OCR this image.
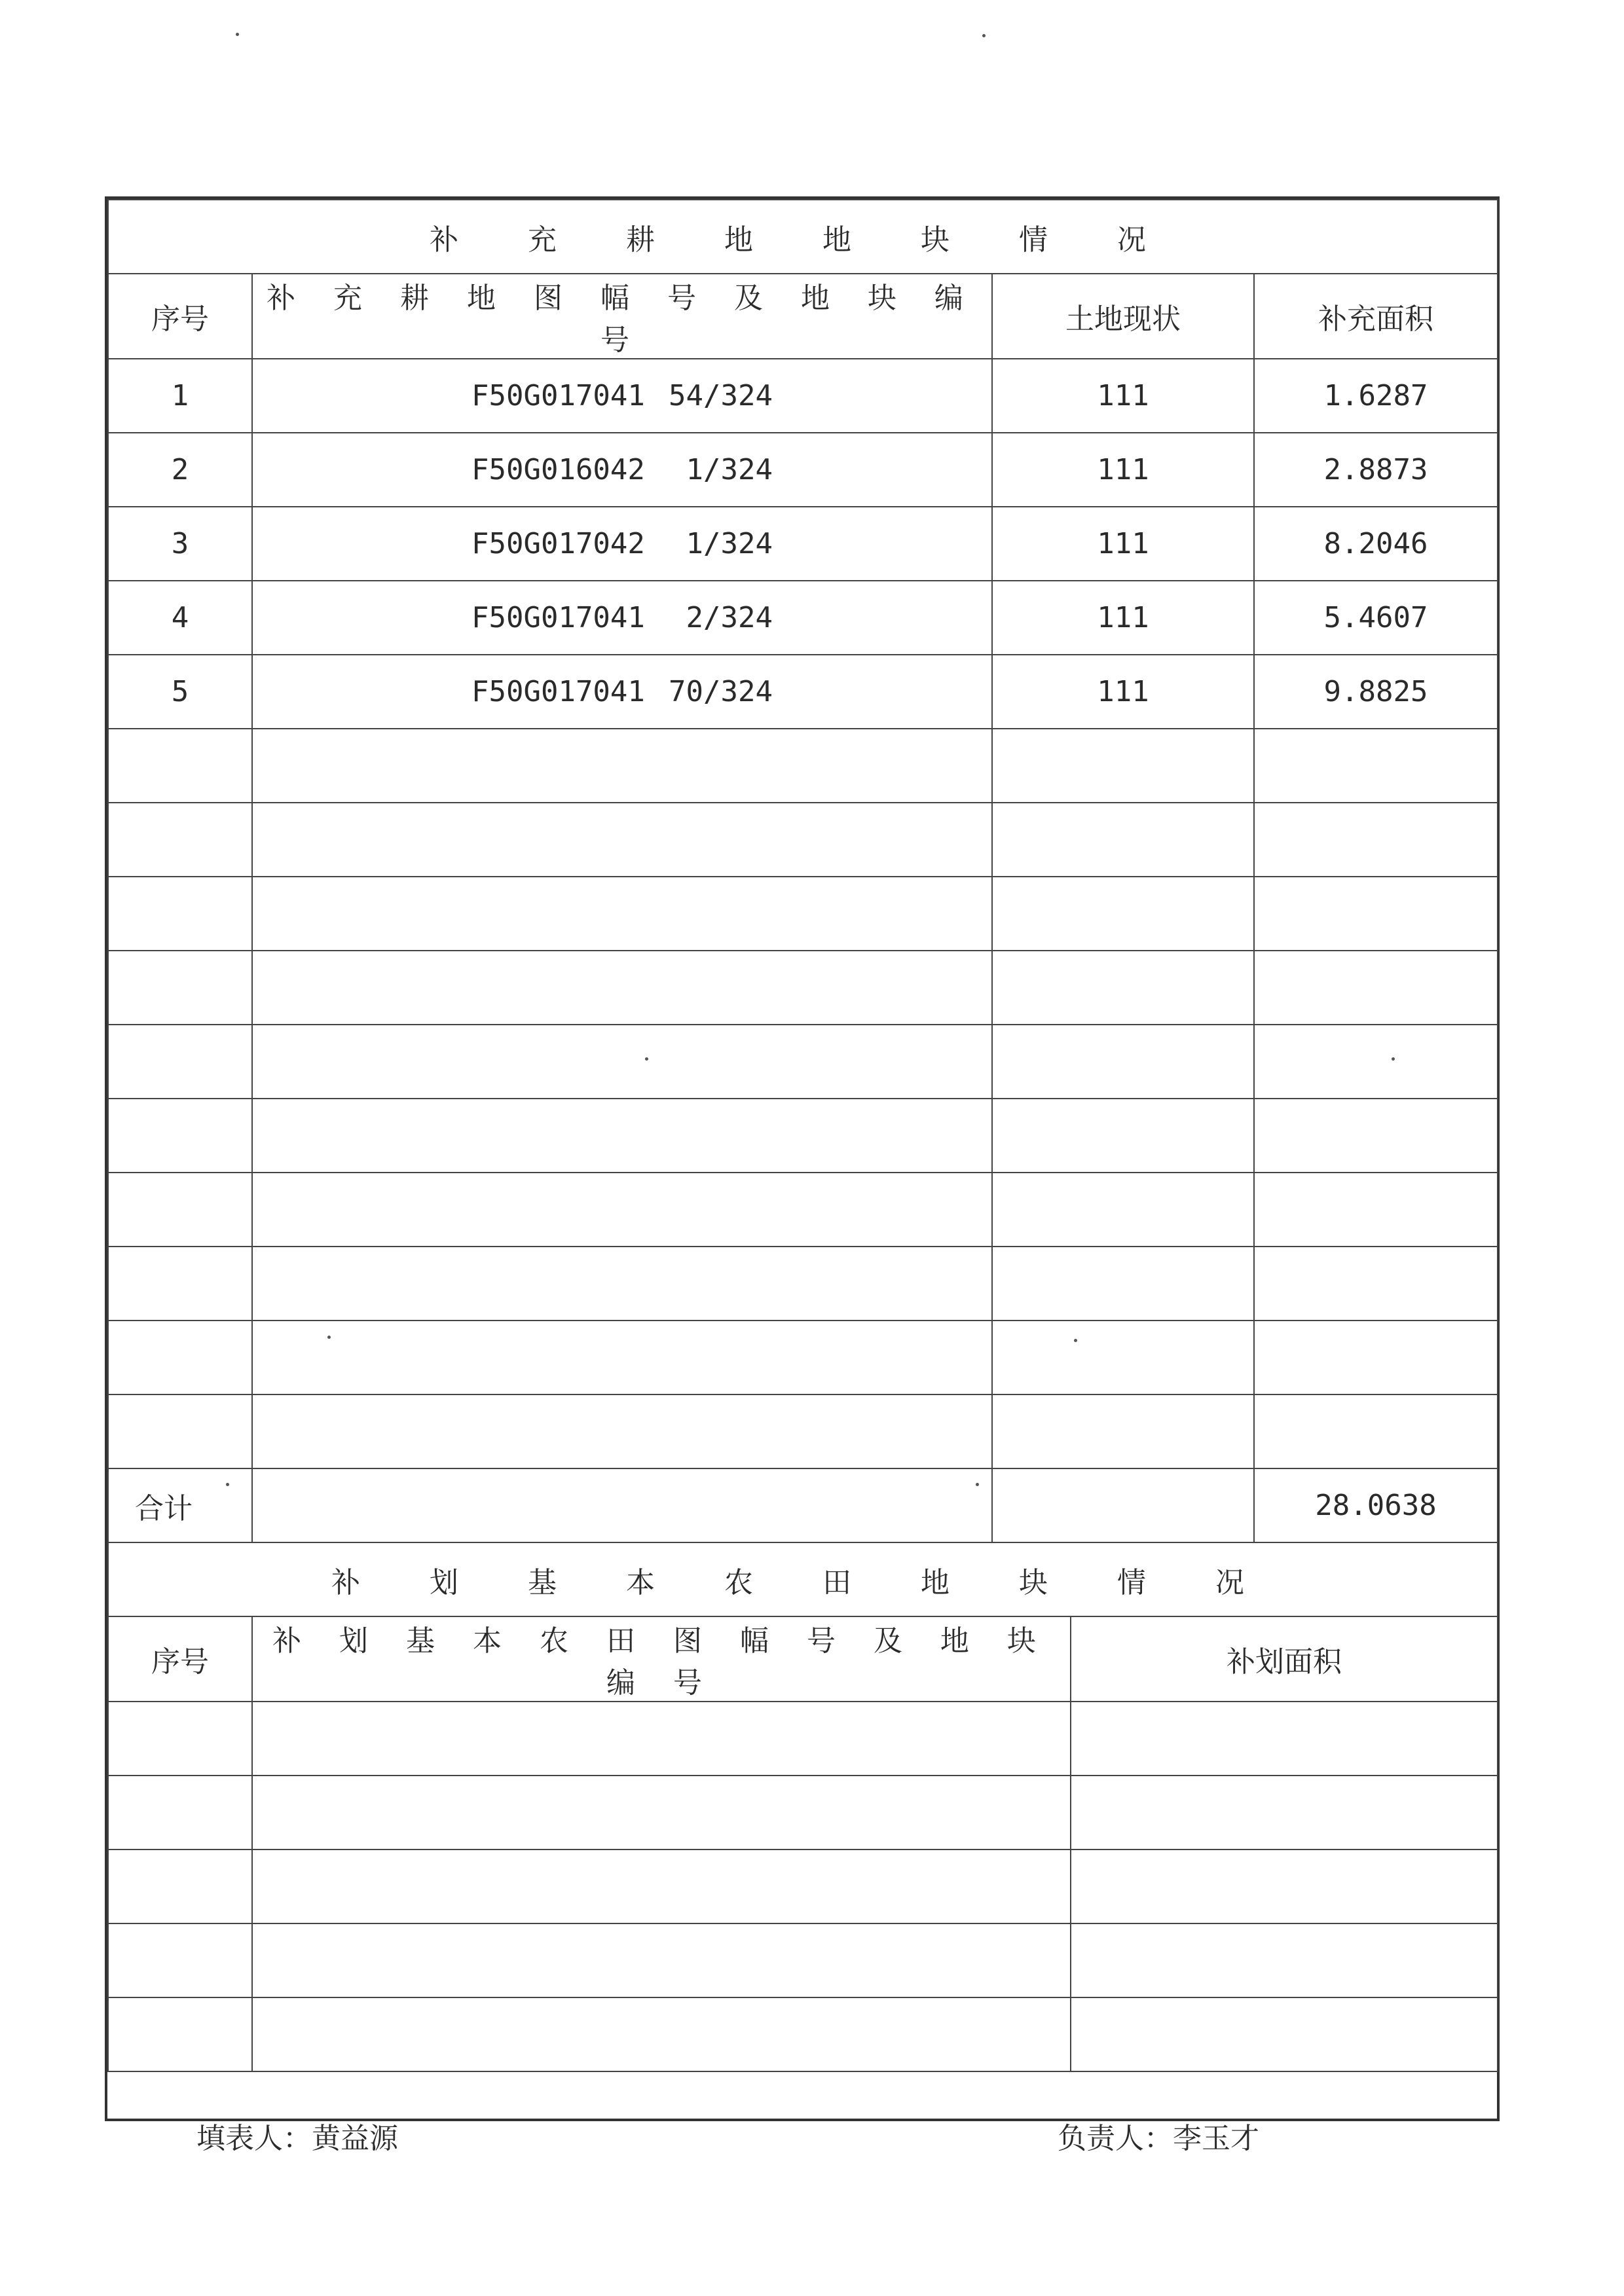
补 充 耕 地 地 块 情 况			
序号	补 充 耕 地 图 幅 号 及 地 块 编 号	土地现状	补充面积
1	F50G017041 54/324	111	1.6287
2	F50G016042 1/324	111	2.8873
3	F50G017042 1/324	111	8.2046
4	F50G017041 2/324	111	5.4607
5	F50G017041 70/324	111	9.8825

合计			28.0638
补 划 基 本 农 田 地 块 情 况		
序号	补 划 基 本 农 田 图 幅 号 及 地 块 编 号	补划面积

填表人：黄益源	负责人：李玉才
